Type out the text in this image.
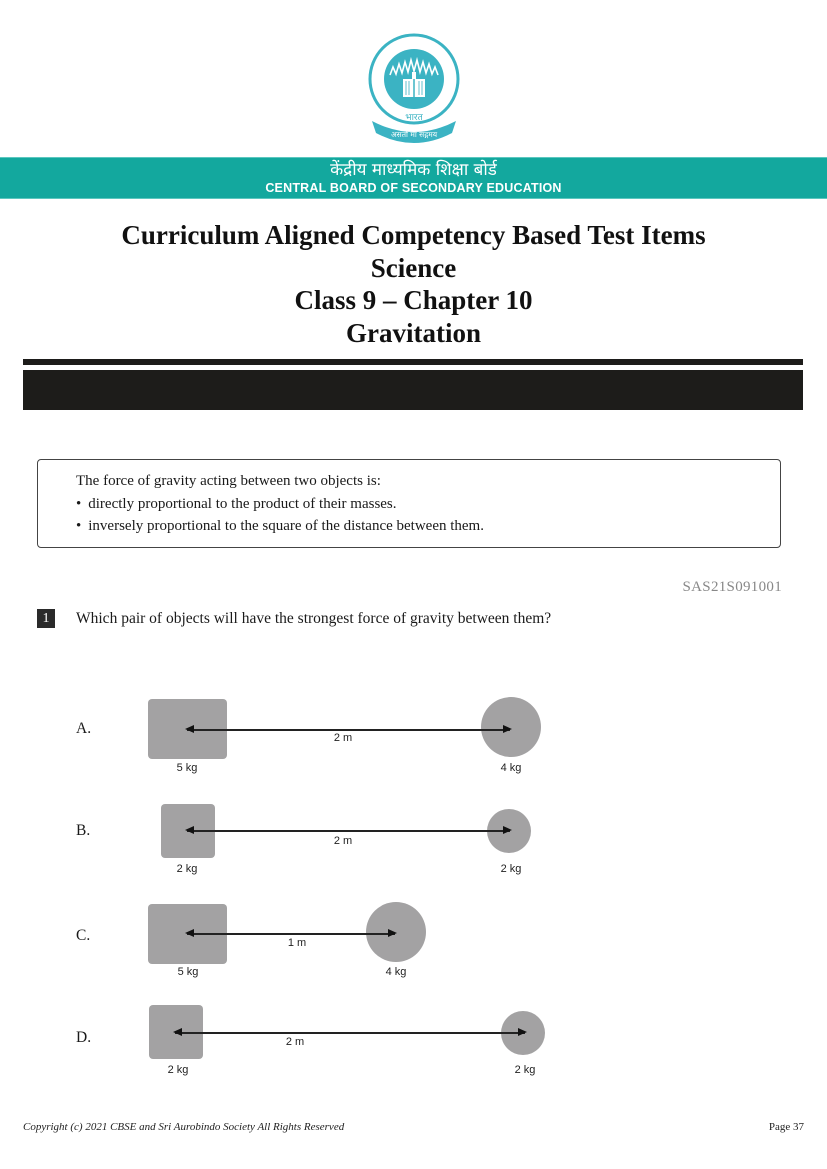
भारत
असतो मा सद्गमय
केंद्रीय माध्यमिक शिक्षा बोर्ड
CENTRAL BOARD OF SECONDARY EDUCATION
Curriculum Aligned Competency Based Test Items
Science
Class 9 – Chapter 10
Gravitation
The force of gravity acting between two objects is:
• directly proportional to the product of their masses.
• inversely proportional to the square of the distance between them.
SAS21S091001
1	Which pair of objects will have the strongest force of gravity between them?
A.
2 m
5 kg	4 kg
B.
2 m
2 kg	2 kg
C.	1 m
5 kg	4 kg
D.	2 m
2 kg	2 kg
Copyright (c) 2021 CBSE and Sri Aurobindo Society All Rights Reserved	Page 37
